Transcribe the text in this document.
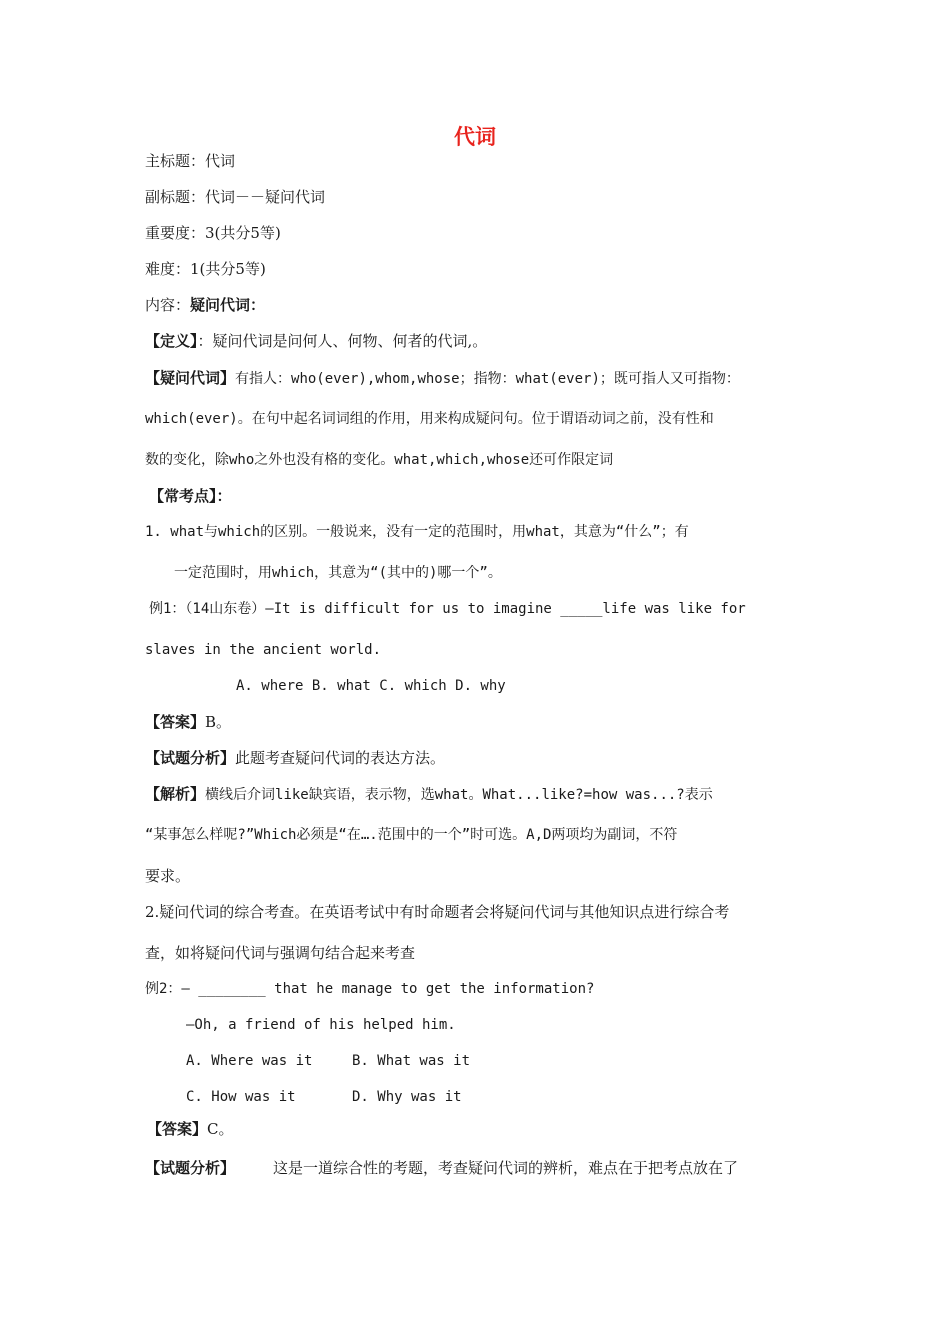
代词

主标题：代词

副标题：代词－－疑问代词

重要度：3(共分5等)

难度：1(共分5等)

内容：疑问代词：

【定义】：疑问代词是问何人、何物、何者的代词,。

【疑问代词】有指人：who(ever),whom,whose；指物：what(ever)；既可指人又可指物：

which(ever)。在句中起名词词组的作用，用来构成疑问句。位于谓语动词之前，没有性和

数的变化，除who之外也没有格的变化。what,which,whose还可作限定词

【常考点】：

1. what与which的区别。一般说来，没有一定的范围时，用what，其意为“什么”；有

一定范围时，用which，其意为“(其中的)哪一个”。

例1：（14山东卷）—It is difficult for us to imagine _____life was like for

slaves in the ancient world.

A. where B. what C. which D. why

【答案】B。

【试题分析】此题考查疑问代词的表达方法。

【解析】横线后介词like缺宾语，表示物，选what。What...like?=how was...?表示

“某事怎么样呢?”Which必须是“在….范围中的一个”时可选。A,D两项均为副词，不符

要求。

2.疑问代词的综合考查。在英语考试中有时命题者会将疑问代词与其他知识点进行综合考

查，如将疑问代词与强调句结合起来考查

例2：— ________ that he manage to get the information?

—Oh, a friend of his helped him.

A. Where was it	B. What was it

C. How was it	D. Why was it

【答案】C。

【试题分析】	这是一道综合性的考题，考查疑问代词的辨析，难点在于把考点放在了
